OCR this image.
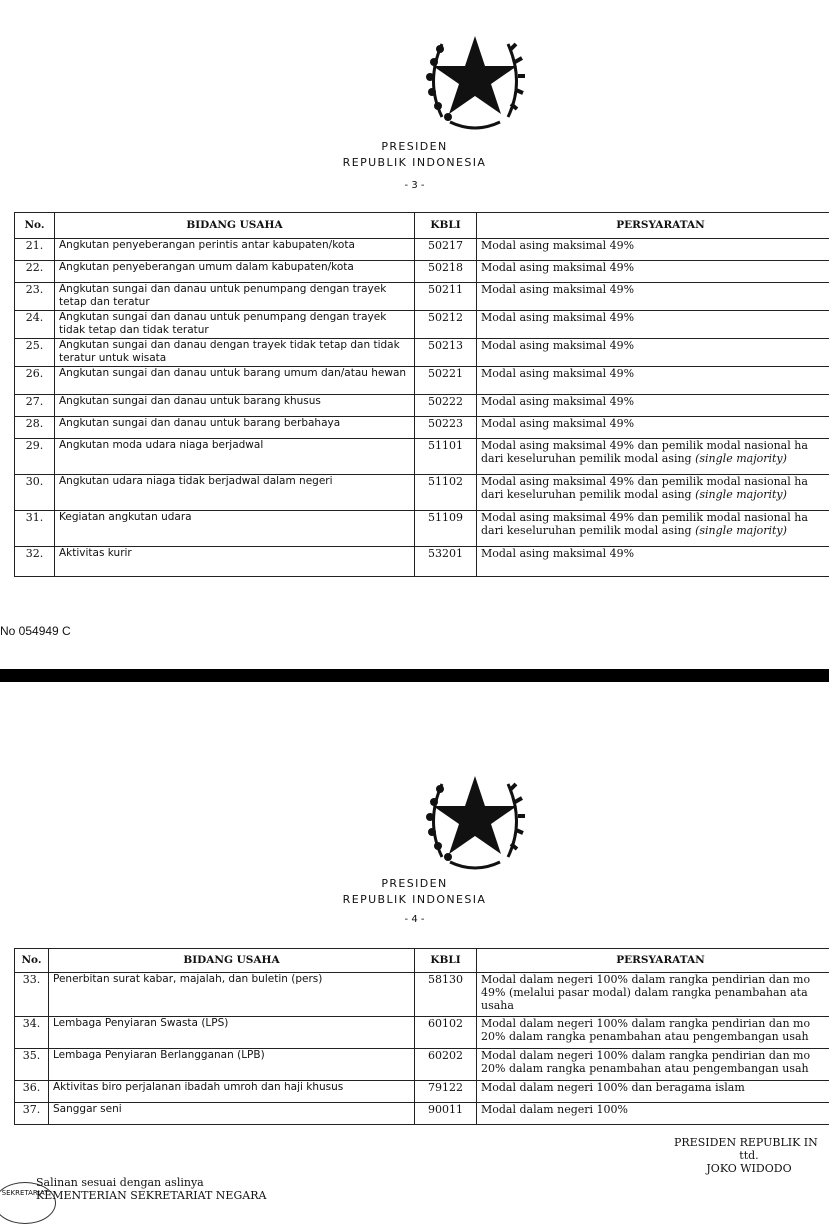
PRESIDEN
REPUBLIK INDONESIA
- 3 -
No.	BIDANG USAHA	KBLI	PERSYARATAN
21.	Angkutan penyeberangan perintis antar kabupaten/kota	50217	Modal asing maksimal 49%
22.	Angkutan penyeberangan umum dalam kabupaten/kota	50218	Modal asing maksimal 49%
23.	Angkutan sungai dan danau untuk penumpang dengan trayek tetap dan teratur	50211	Modal asing maksimal 49%
24.	Angkutan sungai dan danau untuk penumpang dengan trayek tidak tetap dan tidak teratur	50212	Modal asing maksimal 49%
25.	Angkutan sungai dan danau dengan trayek tidak tetap dan tidak teratur untuk wisata	50213	Modal asing maksimal 49%
26.	Angkutan sungai dan danau untuk barang umum dan/atau hewan	50221	Modal asing maksimal 49%
27.	Angkutan sungai dan danau untuk barang khusus	50222	Modal asing maksimal 49%
28.	Angkutan sungai dan danau untuk barang berbahaya	50223	Modal asing maksimal 49%
29.	Angkutan moda udara niaga berjadwal	51101	Modal asing maksimal 49% dan pemilik modal nasional ha
dari keseluruhan pemilik modal asing (single majority)

30.	Angkutan udara niaga tidak berjadwal dalam negeri	51102	Modal asing maksimal 49% dan pemilik modal nasional ha
dari keseluruhan pemilik modal asing (single majority)

31.	Kegiatan angkutan udara	51109	Modal asing maksimal 49% dan pemilik modal nasional ha
dari keseluruhan pemilik modal asing (single majority)

32.	Aktivitas kurir	53201	Modal asing maksimal 49%
No 054949 C
PRESIDEN
REPUBLIK INDONESIA
- 4 -
No.	BIDANG USAHA	KBLI	PERSYARATAN
33.	Penerbitan surat kabar, majalah, dan buletin (pers)	58130	Modal dalam negeri 100% dalam rangka pendirian dan mo
49% (melalui pasar modal) dalam rangka penambahan ata
usaha

34.	Lembaga Penyiaran Swasta (LPS)	60102	Modal dalam negeri 100% dalam rangka pendirian dan mo
20% dalam rangka penambahan atau pengembangan usah

35.	Lembaga Penyiaran Berlangganan (LPB)	60202	Modal dalam negeri 100% dalam rangka pendirian dan mo
20% dalam rangka penambahan atau pengembangan usah

36.	Aktivitas biro perjalanan ibadah umroh dan haji khusus	79122	Modal dalam negeri 100% dan beragama islam
37.	Sanggar seni	90011	Modal dalam negeri 100%
PRESIDEN REPUBLIK IN
ttd.
JOKO WIDODO
SEKRETARIAT
Salinan sesuai dengan aslinya
KEMENTERIAN SEKRETARIAT NEGARA
